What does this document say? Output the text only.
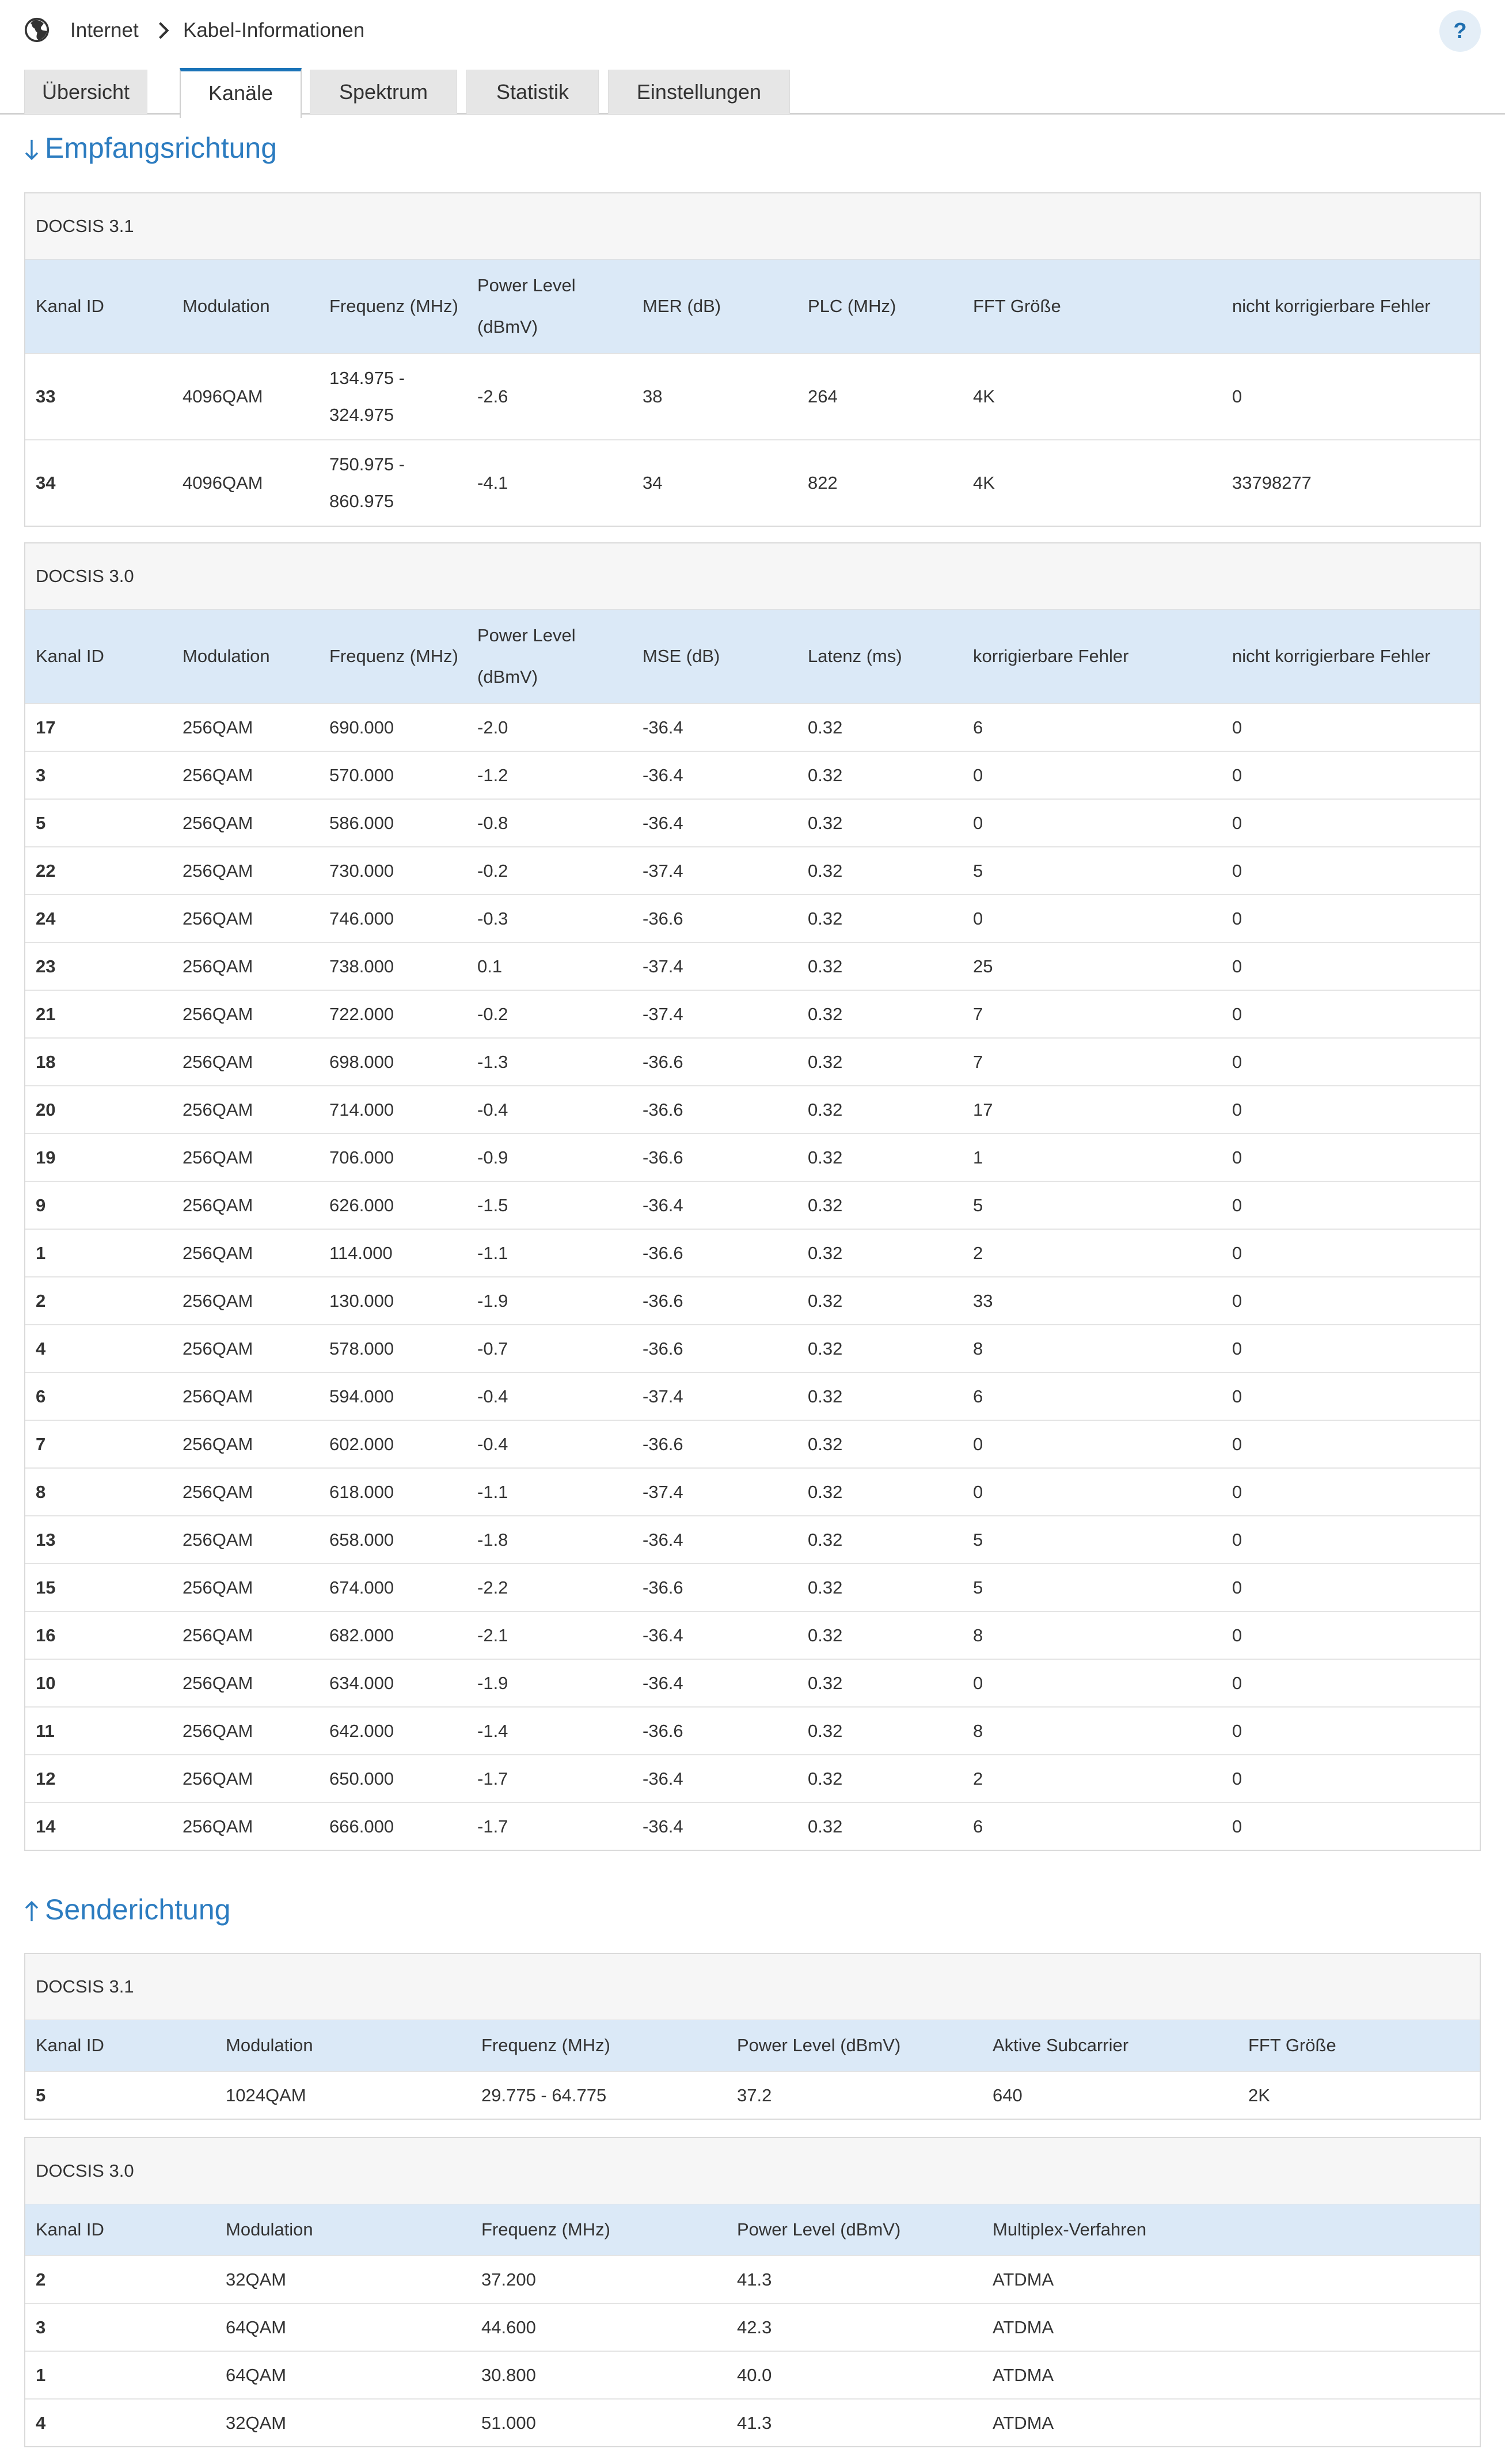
Internet Kabel-Informationen	?
Übersicht	Kanäle	Spektrum	Statistik	Einstellungen
Empfangsrichtung
DOCSIS 3.1
Kanal ID	Modulation	Frequenz (MHz)	Power Level (dBmV)	MER (dB)	PLC (MHz)	FFT Größe	nicht korrigierbare Fehler
33	4096QAM	134.975 - 324.975	-2.6	38	264	4K	0
34	4096QAM	750.975 - 860.975	-4.1	34	822	4K	33798277
DOCSIS 3.0
Kanal ID	Modulation	Frequenz (MHz)	Power Level (dBmV)	MSE (dB)	Latenz (ms)	korrigierbare Fehler	nicht korrigierbare Fehler
17	256QAM	690.000	-2.0	-36.4	0.32	6	0
3	256QAM	570.000	-1.2	-36.4	0.32	0	0
5	256QAM	586.000	-0.8	-36.4	0.32	0	0
22	256QAM	730.000	-0.2	-37.4	0.32	5	0
24	256QAM	746.000	-0.3	-36.6	0.32	0	0
23	256QAM	738.000	0.1	-37.4	0.32	25	0
21	256QAM	722.000	-0.2	-37.4	0.32	7	0
18	256QAM	698.000	-1.3	-36.6	0.32	7	0
20	256QAM	714.000	-0.4	-36.6	0.32	17	0
19	256QAM	706.000	-0.9	-36.6	0.32	1	0
9	256QAM	626.000	-1.5	-36.4	0.32	5	0
1	256QAM	114.000	-1.1	-36.6	0.32	2	0
2	256QAM	130.000	-1.9	-36.6	0.32	33	0
4	256QAM	578.000	-0.7	-36.6	0.32	8	0
6	256QAM	594.000	-0.4	-37.4	0.32	6	0
7	256QAM	602.000	-0.4	-36.6	0.32	0	0
8	256QAM	618.000	-1.1	-37.4	0.32	0	0
13	256QAM	658.000	-1.8	-36.4	0.32	5	0
15	256QAM	674.000	-2.2	-36.6	0.32	5	0
16	256QAM	682.000	-2.1	-36.4	0.32	8	0
10	256QAM	634.000	-1.9	-36.4	0.32	0	0
11	256QAM	642.000	-1.4	-36.6	0.32	8	0
12	256QAM	650.000	-1.7	-36.4	0.32	2	0
14	256QAM	666.000	-1.7	-36.4	0.32	6	0
Senderichtung
DOCSIS 3.1
Kanal ID	Modulation	Frequenz (MHz)	Power Level (dBmV)	Aktive Subcarrier	FFT Größe
5	1024QAM	29.775 - 64.775	37.2	640	2K
DOCSIS 3.0
Kanal ID	Modulation	Frequenz (MHz)	Power Level (dBmV)	Multiplex-Verfahren	
2	32QAM	37.200	41.3	ATDMA	
3	64QAM	44.600	42.3	ATDMA	
1	64QAM	30.800	40.0	ATDMA	
4	32QAM	51.000	41.3	ATDMA	
